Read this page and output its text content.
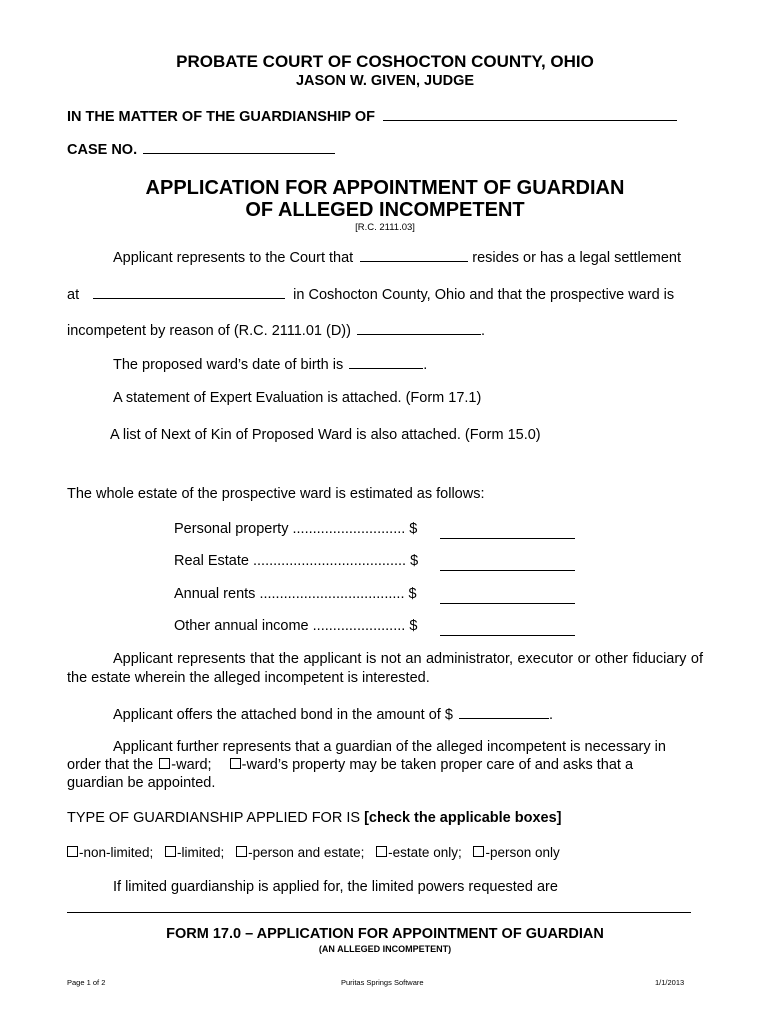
PROBATE COURT OF COSHOCTON COUNTY, OHIO
JASON W. GIVEN, JUDGE
IN THE MATTER OF THE GUARDIANSHIP OF
CASE NO.
APPLICATION FOR APPOINTMENT OF GUARDIAN
OF ALLEGED INCOMPETENT
[R.C. 2111.03]
Applicant represents to the Court that	resides or has a legal settlement
at	in Coshocton County, Ohio and that the prospective ward is
incompetent by reason of (R.C. 2111.01 (D))	.
The proposed ward’s date of birth is	.
A statement of Expert Evaluation is attached. (Form 17.1)
A list of Next of Kin of Proposed Ward is also attached. (Form 15.0)
The whole estate of the prospective ward is estimated as follows:
Personal property ............................ $
Real Estate ...................................... $
Annual rents .................................... $
Other annual income ....................... $
Applicant represents that the applicant is not an administrator, executor or other fiduciary of the estate wherein the alleged incompetent is interested.
Applicant offers the attached bond in the amount of $	.
Applicant further represents that a guardian of the alleged incompetent is necessary in
order that the -ward; -ward’s property may be taken proper care of and asks that a
guardian be appointed.
TYPE OF GUARDIANSHIP APPLIED FOR IS [check the applicable boxes]
-non-limited; -limited; -person and estate; -estate only; -person only
If limited guardianship is applied for, the limited powers requested are
FORM 17.0 – APPLICATION FOR APPOINTMENT OF GUARDIAN
(AN ALLEGED INCOMPETENT)
Page 1 of 2	Puritas Springs Software	1/1/2013
